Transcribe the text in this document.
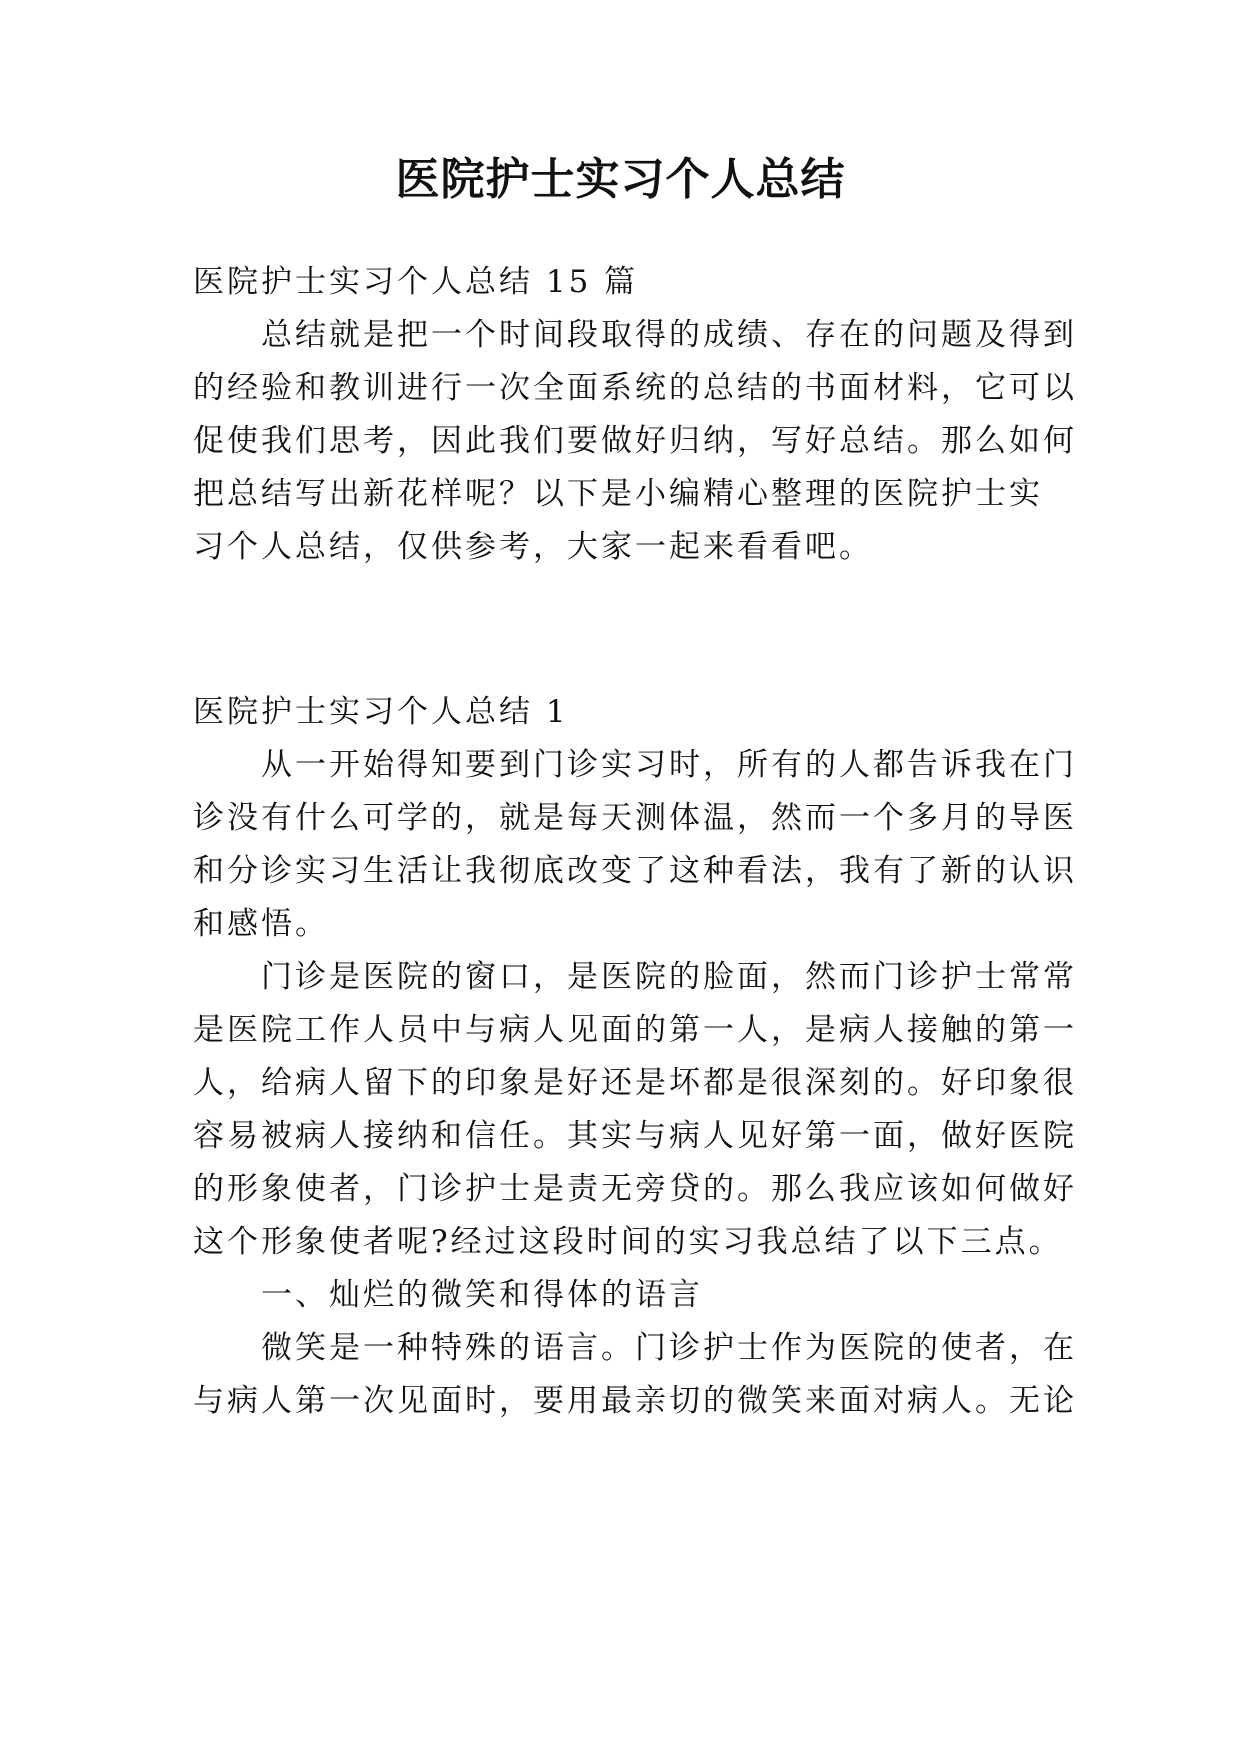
医院护士实习个人总结
医院护士实习个人总结 15 篇
　　总结就是把一个时间段取得的成绩、存在的问题及得到
的经验和教训进行一次全面系统的总结的书面材料，它可以
促使我们思考，因此我们要做好归纳，写好总结。那么如何
把总结写出新花样呢？以下是小编精心整理的医院护士实
习个人总结，仅供参考，大家一起来看看吧。
医院护士实习个人总结 1
　　从一开始得知要到门诊实习时，所有的人都告诉我在门
诊没有什么可学的，就是每天测体温，然而一个多月的导医
和分诊实习生活让我彻底改变了这种看法，我有了新的认识
和感悟。
　　门诊是医院的窗口，是医院的脸面，然而门诊护士常常
是医院工作人员中与病人见面的第一人，是病人接触的第一
人，给病人留下的印象是好还是坏都是很深刻的。好印象很
容易被病人接纳和信任。其实与病人见好第一面，做好医院
的形象使者，门诊护士是责无旁贷的。那么我应该如何做好
这个形象使者呢?经过这段时间的实习我总结了以下三点。
　　一、灿烂的微笑和得体的语言
　　微笑是一种特殊的语言。门诊护士作为医院的使者，在
与病人第一次见面时，要用最亲切的微笑来面对病人。无论
